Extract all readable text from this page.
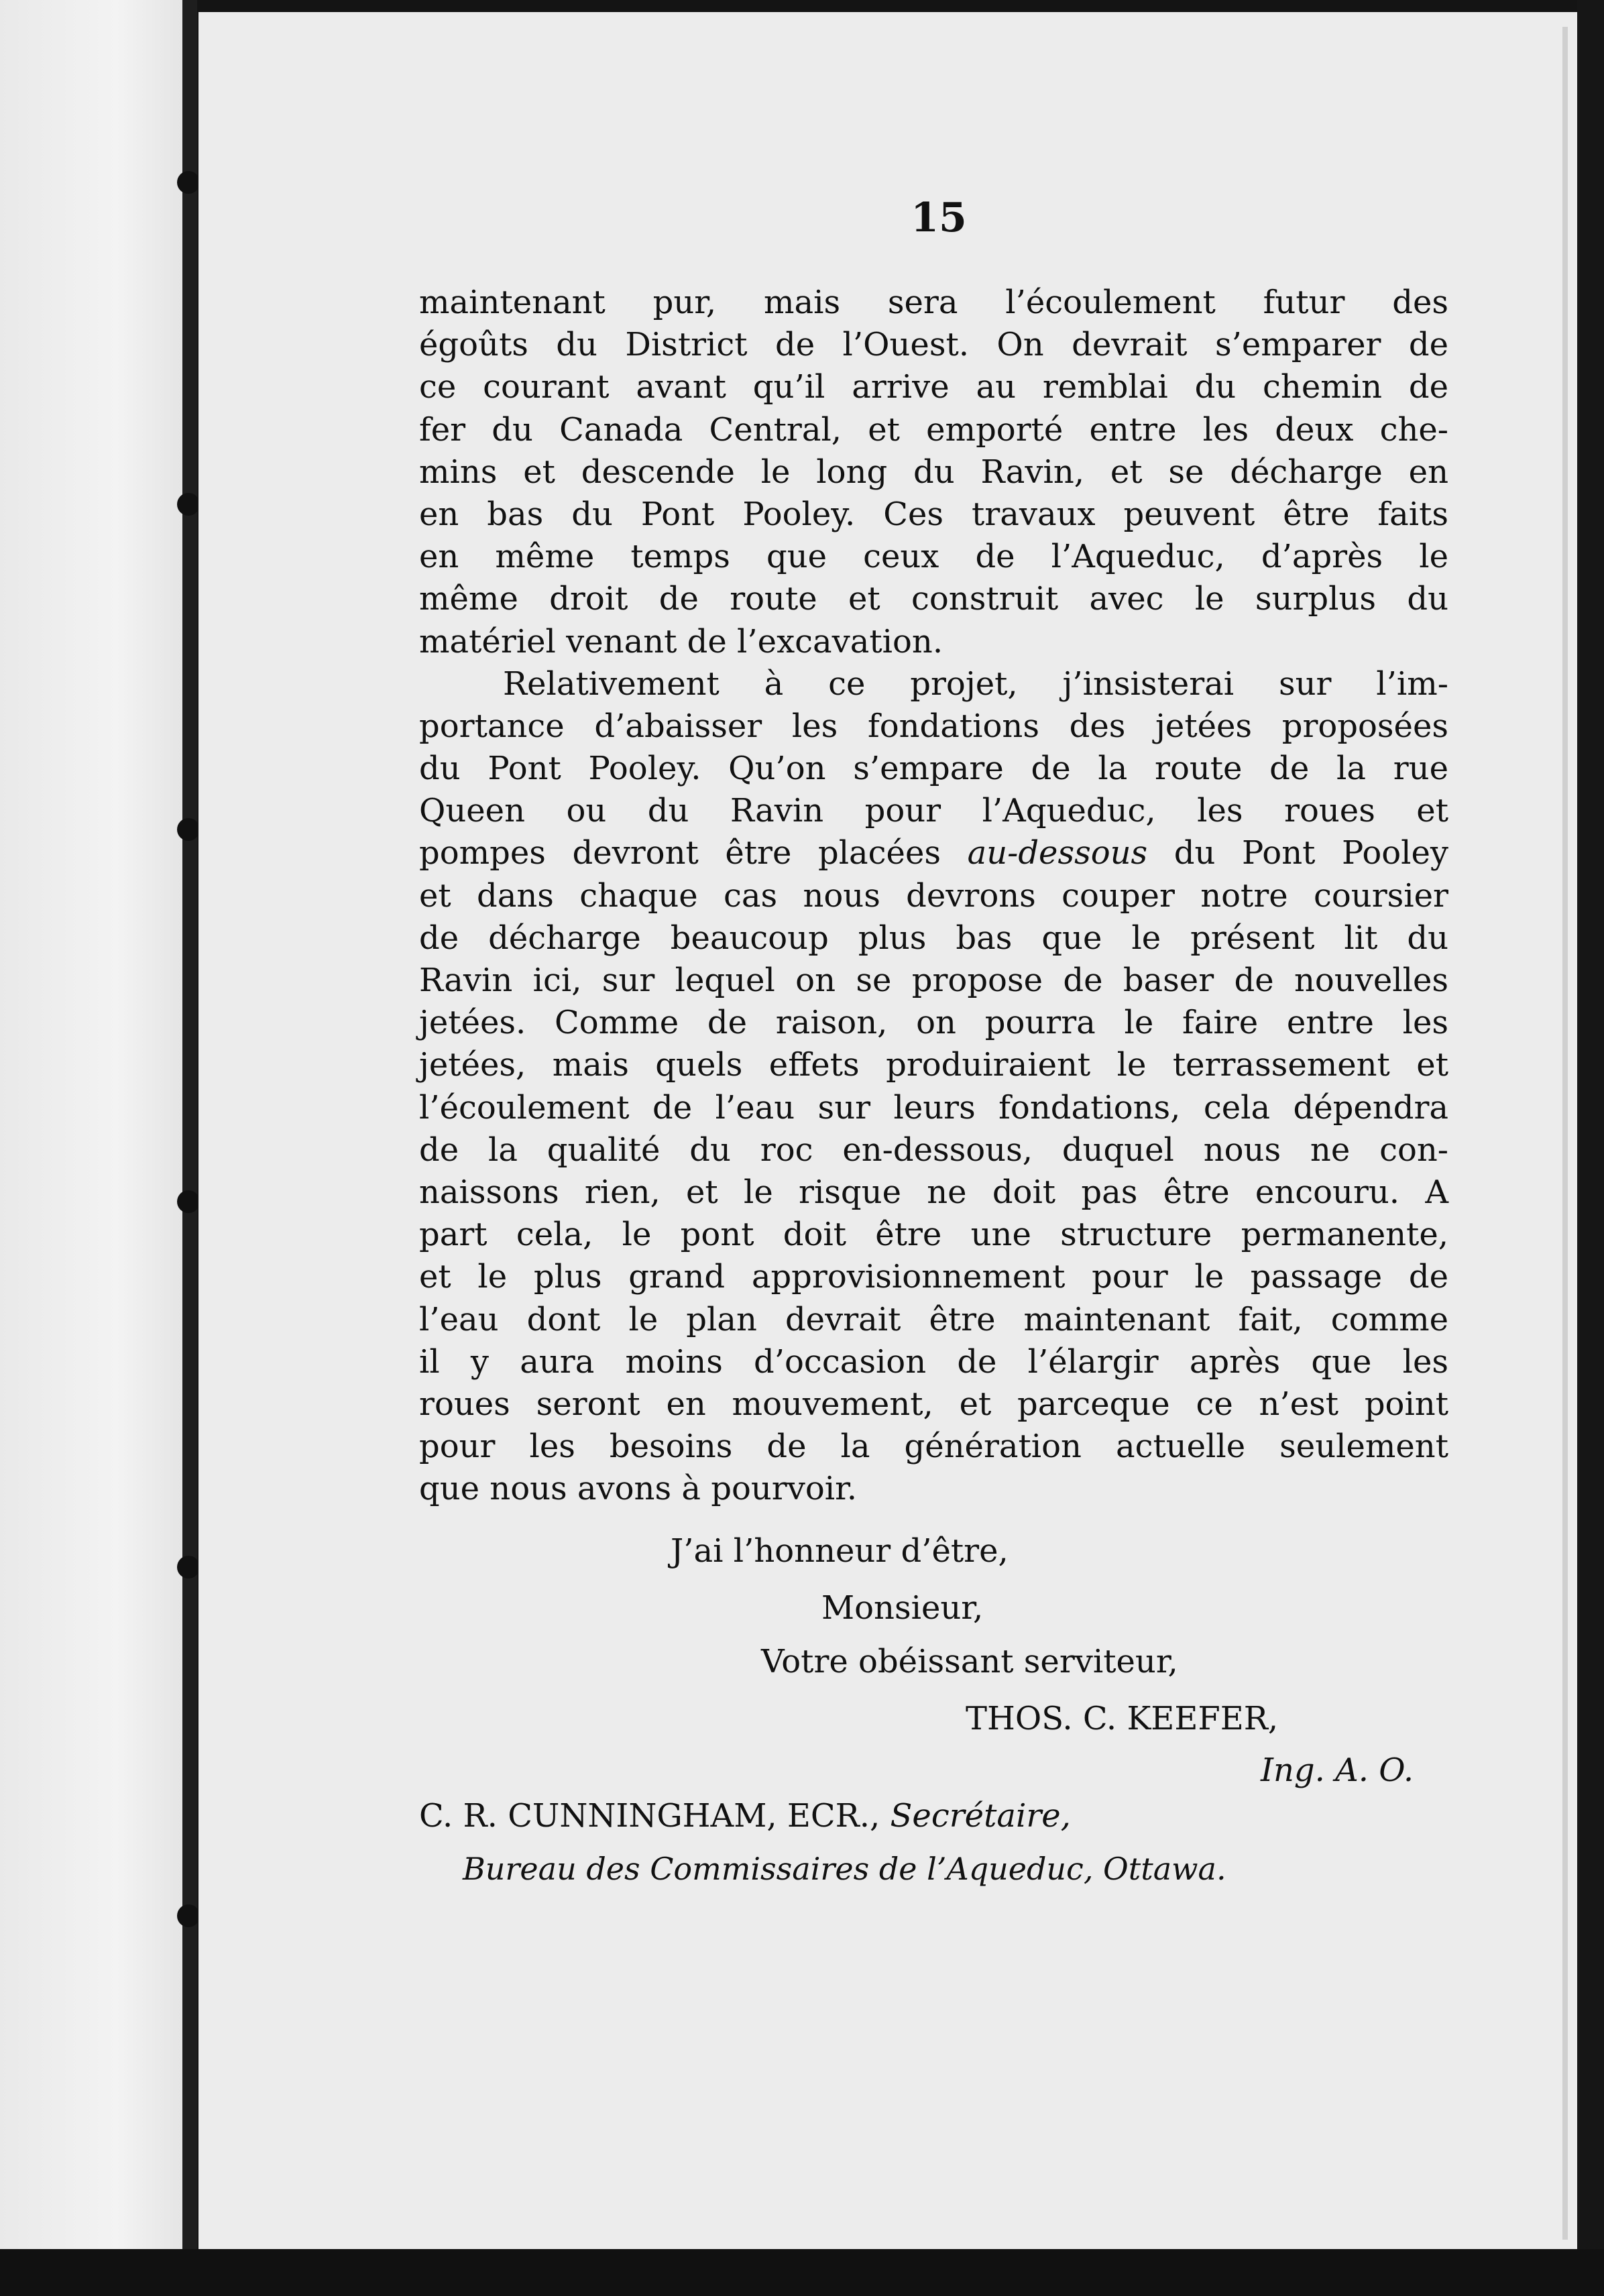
15
maintenant pur, mais sera l’écoulement futur des
égoûts du District de l’Ouest. On devrait s’emparer de
ce courant avant qu’il arrive au remblai du chemin de
fer du Canada Central, et emporté entre les deux che-
mins et descende le long du Ravin, et se décharge en
en bas du Pont Pooley. Ces travaux peuvent être faits
en même temps que ceux de l’Aqueduc, d’après le
même droit de route et construit avec le surplus du
matériel venant de l’excavation.
Relativement à ce projet, j’insisterai sur l’im-
portance d’abaisser les fondations des jetées proposées
du Pont Pooley. Qu’on s’empare de la route de la rue
Queen ou du Ravin pour l’Aqueduc, les roues et
pompes devront être placées au-dessous du Pont Pooley
et dans chaque cas nous devrons couper notre coursier
de décharge beaucoup plus bas que le présent lit du
Ravin ici, sur lequel on se propose de baser de nouvelles
jetées. Comme de raison, on pourra le faire entre les
jetées, mais quels effets produiraient le terrassement et
l’écoulement de l’eau sur leurs fondations, cela dépendra
de la qualité du roc en-dessous, duquel nous ne con-
naissons rien, et le risque ne doit pas être encouru. A
part cela, le pont doit être une structure permanente,
et le plus grand approvisionnement pour le passage de
l’eau dont le plan devrait être maintenant fait, comme
il y aura moins d’occasion de l’élargir après que les
roues seront en mouvement, et parceque ce n’est point
pour les besoins de la génération actuelle seulement
que nous avons à pourvoir.
J’ai l’honneur d’être,
Monsieur,
Votre obéissant serviteur,
THOS. C. KEEFER,
Ing. A. O.
C. R. CUNNINGHAM, ECR., Secrétaire,
Bureau des Commissaires de l’Aqueduc, Ottawa.
